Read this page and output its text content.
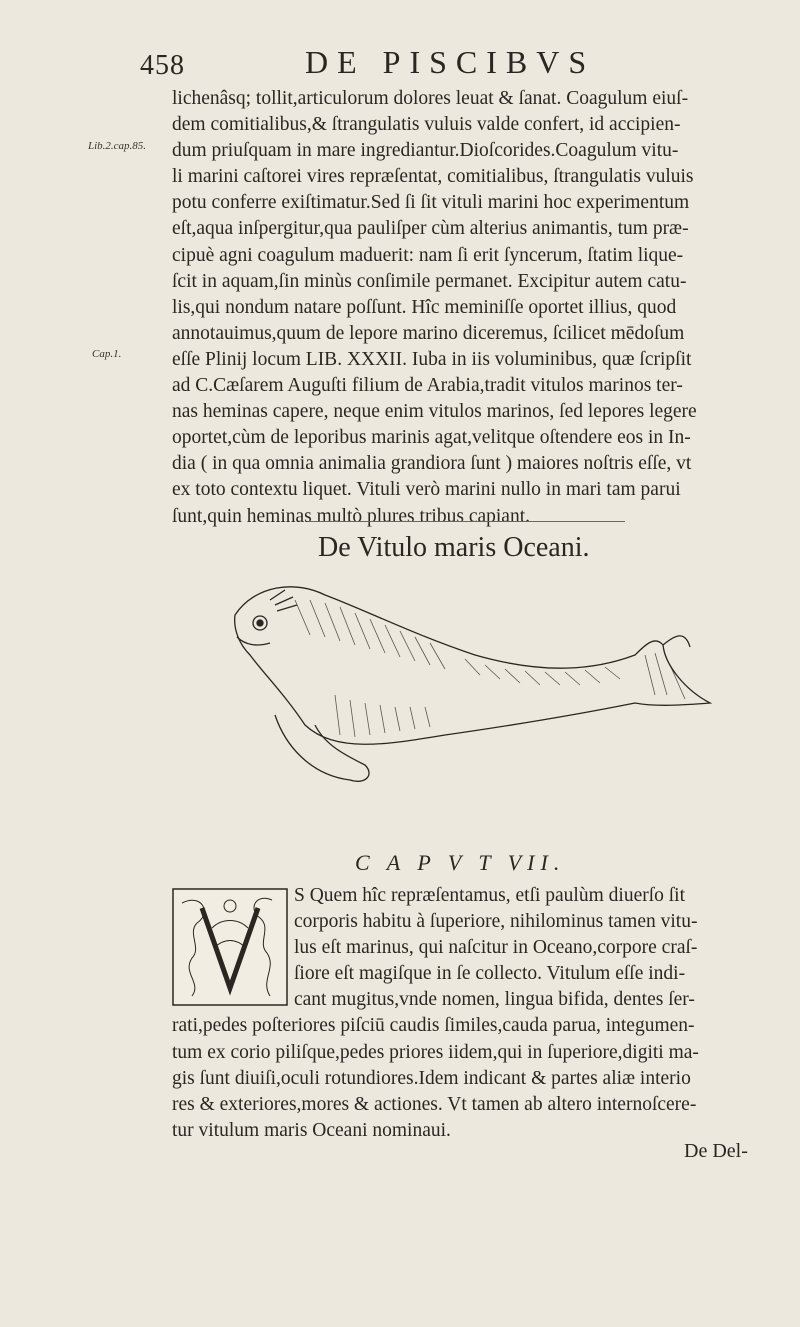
458	DE PISCIBVS
Lib.2.cap.85.
Cap.1.
lichenâsq; tollit,articulorum dolores leuat & ſanat. Coagulum eiuſ-
dem comitialibus,& ſtrangulatis vuluis valde confert, id accipien-
dum priuſquam in mare ingrediantur.Dioſcorides.Coagulum vitu-
li marini caſtorei vires repræſentat, comitialibus, ſtrangulatis vuluis
potu conferre exiſtimatur.Sed ſi ſit vituli marini hoc experimentum
eſt,aqua inſpergitur,qua pauliſper cùm alterius animantis, tum præ-
cipuè agni coagulum maduerit: nam ſi erit ſyncerum, ſtatim lique-
ſcit in aquam,ſin minùs conſimile permanet. Excipitur autem catu-
lis,qui nondum natare poſſunt. Hîc meminiſſe oportet illius, quod
annotauimus,quum de lepore marino diceremus, ſcilicet mēdoſum
eſſe Plinij locum LIB. XXXII. Iuba in iis voluminibus, quæ ſcripſit
ad C.Cæſarem Auguſti filium de Arabia,tradit vitulos marinos ter-
nas heminas capere, neque enim vitulos marinos, ſed lepores legere
oportet,cùm de leporibus marinis agat,velitque oſtendere eos in In-
dia ( in qua omnia animalia grandiora ſunt ) maiores noſtris eſſe, vt
ex toto contextu liquet. Vituli verò marini nullo in mari tam parui
ſunt,quin heminas multò plures tribus capiant.
De Vitulo maris Oceani.
C A P V T VII.
S Quem hîc repræſentamus, etſi paulùm diuerſo ſit
corporis habitu à ſuperiore, nihilominus tamen vitu-
lus eſt marinus, qui naſcitur in Oceano,corpore craſ-
ſiore eſt magiſque in ſe collecto. Vitulum eſſe indi-
cant mugitus,vnde nomen, lingua bifida, dentes ſer-
rati,pedes poſteriores piſciū caudis ſimiles,cauda parua, integumen-
tum ex corio piliſque,pedes priores iidem,qui in ſuperiore,digiti ma-
gis ſunt diuiſi,oculi rotundiores.Idem indicant & partes aliæ interio
res & exteriores,mores & actiones. Vt tamen ab altero internoſcere-
tur vitulum maris Oceani nominaui.
De Del-
